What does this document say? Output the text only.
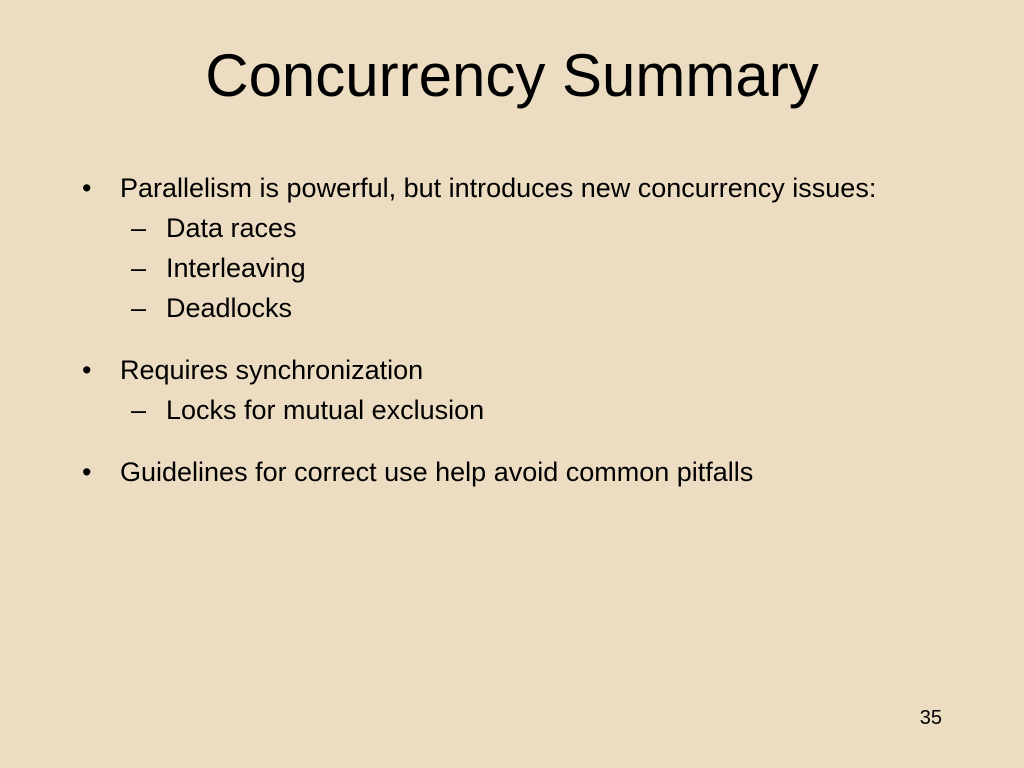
Concurrency Summary
• Parallelism is powerful, but introduces new concurrency issues:
– Data races
– Interleaving
– Deadlocks
• Requires synchronization
– Locks for mutual exclusion
• Guidelines for correct use help avoid common pitfalls
35
